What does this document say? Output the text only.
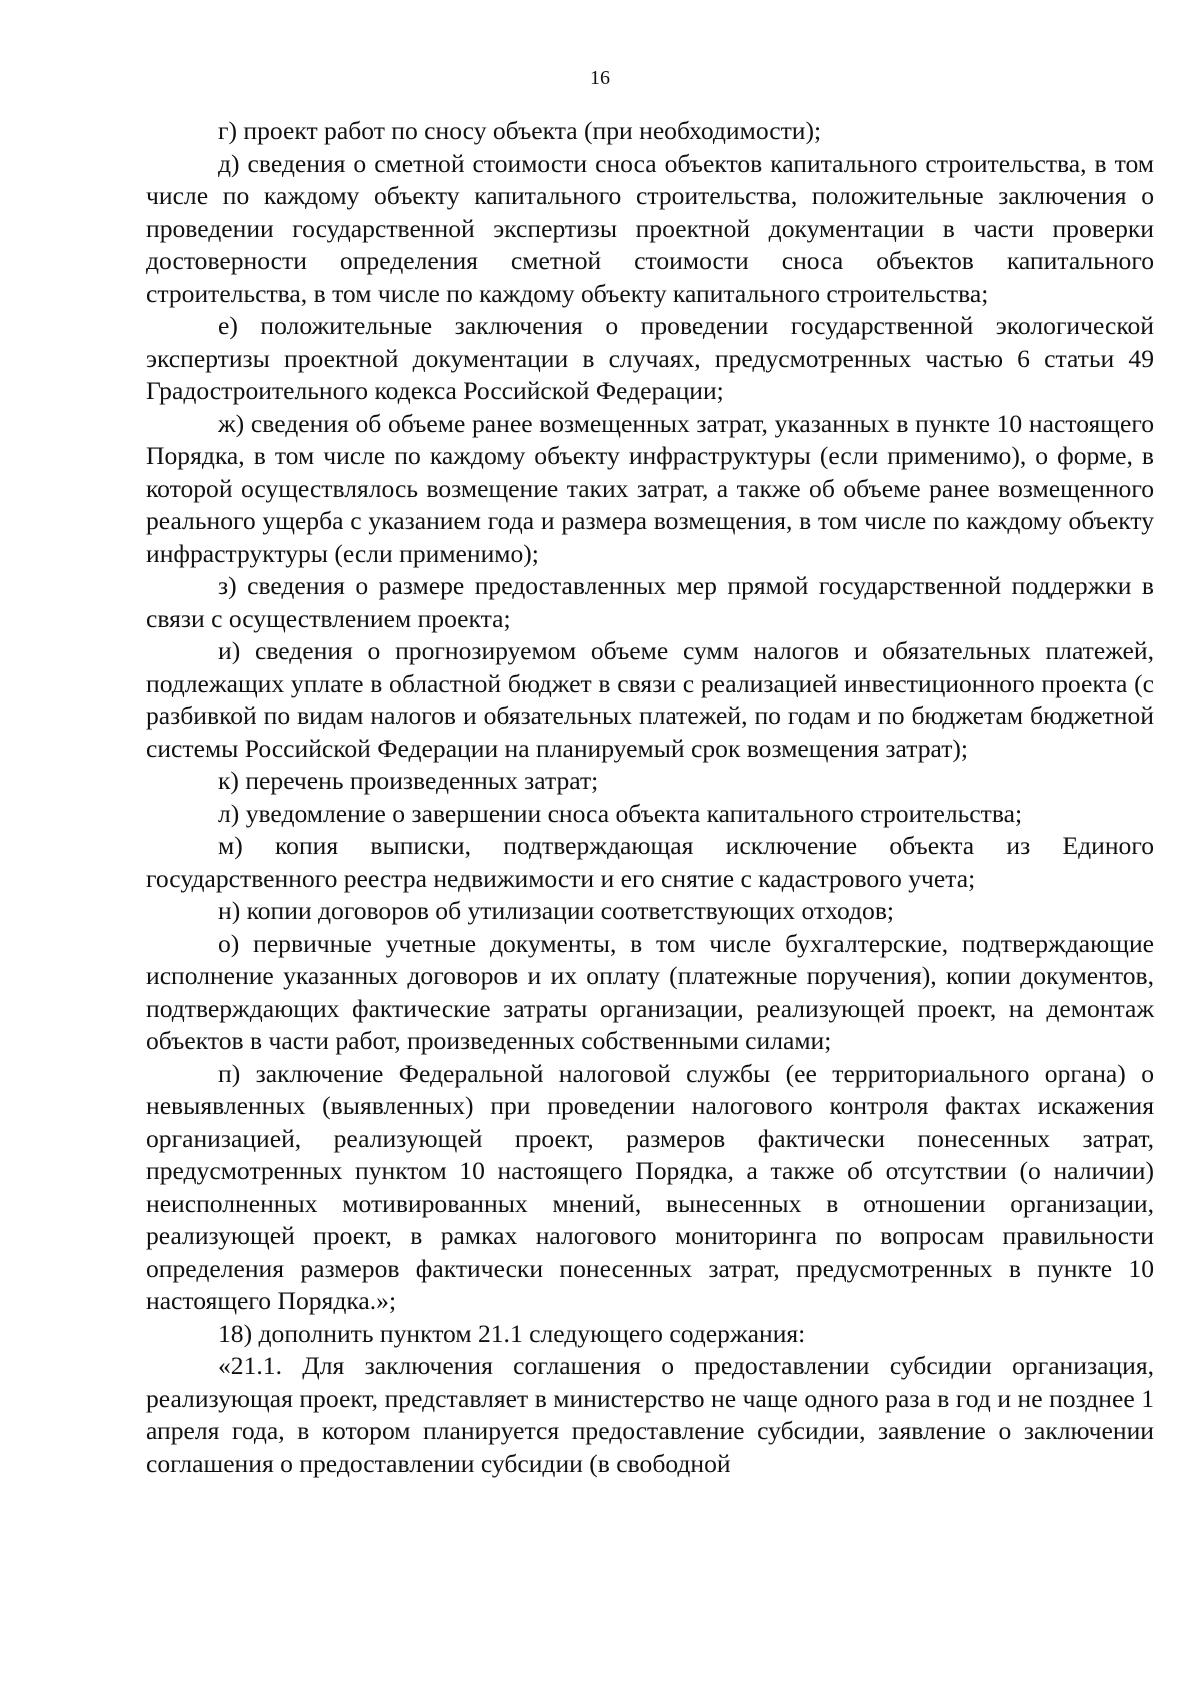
16

г) проект работ по сносу объекта (при необходимости);

д) сведения о сметной стоимости сноса объектов капитального строительства, в том числе по каждому объекту капитального строительства, положительные заключения о проведении государственной экспертизы проектной документации в части проверки достоверности определения сметной стоимости сноса объектов капитального строительства, в том числе по каждому объекту капитального строительства;

е) положительные заключения о проведении государственной экологической экспертизы проектной документации в случаях, предусмотренных частью 6 статьи 49 Градостроительного кодекса Российской Федерации;

ж) сведения об объеме ранее возмещенных затрат, указанных в пункте 10 настоящего Порядка, в том числе по каждому объекту инфраструктуры (если применимо), о форме, в которой осуществлялось возмещение таких затрат, а также об объеме ранее возмещенного реального ущерба с указанием года и размера возмещения, в том числе по каждому объекту инфраструктуры (если применимо);

з) сведения о размере предоставленных мер прямой государственной поддержки в связи с осуществлением проекта;

и) сведения о прогнозируемом объеме сумм налогов и обязательных платежей, подлежащих уплате в областной бюджет в связи с реализацией инвестиционного проекта (с разбивкой по видам налогов и обязательных платежей, по годам и по бюджетам бюджетной системы Российской Федерации на планируемый срок возмещения затрат);

к) перечень произведенных затрат;

л) уведомление о завершении сноса объекта капитального строительства;

м) копия выписки, подтверждающая исключение объекта из Единого государственного реестра недвижимости и его снятие с кадастрового учета;

н) копии договоров об утилизации соответствующих отходов;

о) первичные учетные документы, в том числе бухгалтерские, подтверждающие исполнение указанных договоров и их оплату (платежные поручения), копии документов, подтверждающих фактические затраты организации, реализующей проект, на демонтаж объектов в части работ, произведенных собственными силами;

п) заключение Федеральной налоговой службы (ее территориального органа) о невыявленных (выявленных) при проведении налогового контроля фактах искажения организацией, реализующей проект, размеров фактически понесенных затрат, предусмотренных пунктом 10 настоящего Порядка, а также об отсутствии (о наличии) неисполненных мотивированных мнений, вынесенных в отношении организации, реализующей проект, в рамках налогового мониторинга по вопросам правильности определения размеров фактически понесенных затрат, предусмотренных в пункте 10 настоящего Порядка.»;

18) дополнить пунктом 21.1 следующего содержания:

«21.1. Для заключения соглашения о предоставлении субсидии организация, реализующая проект, представляет в министерство не чаще одного раза в год и не позднее 1 апреля года, в котором планируется предоставление субсидии, заявление о заключении соглашения о предоставлении субсидии (в свободной
